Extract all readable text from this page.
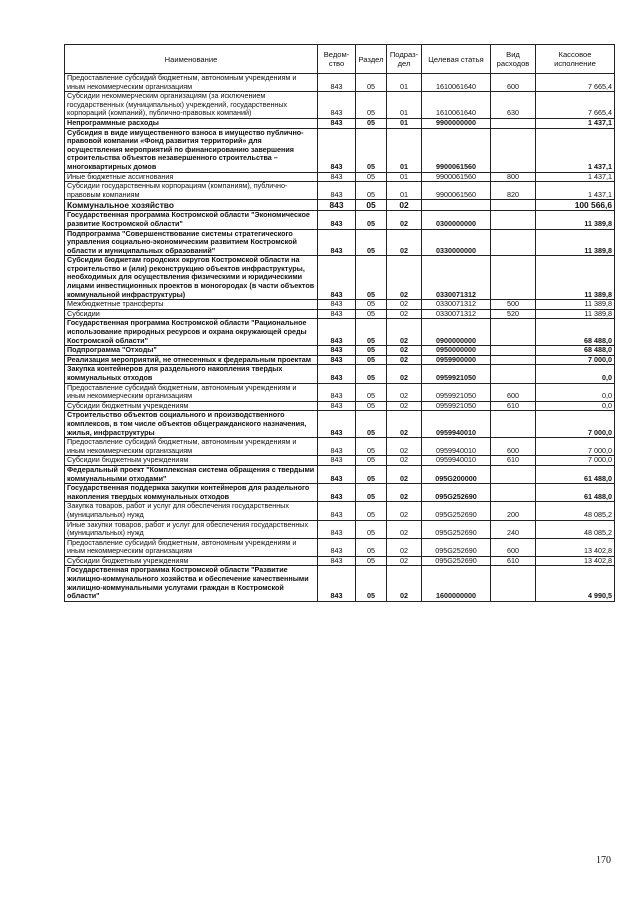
Наименование	Ведом-ство	Раздел	Подраз-дел	Целевая статья	Вид расходов	Кассовое исполнение
Предоставление субсидий бюджетным, автономным учреждениям и иным некоммерческим организациям	843	05	01	1610061640	600	7 665,4
Субсидии некоммерческим организациям (за исключением государственных (муниципальных) учреждений, государственных корпораций (компаний), публично-правовых компаний)	843	05	01	1610061640	630	7 665,4
Непрограммные расходы	843	05	01	9900000000		1 437,1
Субсидия в виде имущественного взноса в имущество публично-правовой компании «Фонд развития территорий» для осуществления мероприятий по финансированию завершения строительства объектов незавершенного строительства – многоквартирных домов	843	05	01	9900061560		1 437,1
Иные бюджетные ассигнования	843	05	01	9900061560	800	1 437,1
Субсидии государственным корпорациям (компаниям), публично-правовым компаниям	843	05	01	9900061560	820	1 437,1
Коммунальное хозяйство	843	05	02			100 566,6
Государственная программа Костромской области "Экономическое развитие Костромской области"	843	05	02	0300000000		11 389,8
Подпрограмма "Совершенствование системы стратегического управления социально-экономическим развитием Костромской области и муниципальных образований"	843	05	02	0330000000		11 389,8
Субсидии бюджетам городских округов Костромской области на строительство и (или) реконструкцию объектов инфраструктуры, необходимых для осуществления физическими и юридическими лицами инвестиционных проектов в моногородах (в части объектов коммунальной инфраструктуры)	843	05	02	0330071312		11 389,8
Межбюджетные трансферты	843	05	02	0330071312	500	11 389,8
Субсидии	843	05	02	0330071312	520	11 389,8
Государственная программа Костромской области "Рациональное использование природных ресурсов и охрана окружающей среды Костромской области"	843	05	02	0900000000		68 488,0
Подпрограмма "Отходы"	843	05	02	0950000000		68 488,0
Реализация мероприятий, не отнесенных к федеральным проектам	843	05	02	0959900000		7 000,0
Закупка контейнеров для раздельного накопления твердых коммунальных отходов	843	05	02	0959921050		0,0
Предоставление субсидий бюджетным, автономным учреждениям и иным некоммерческим организациям	843	05	02	0959921050	600	0,0
Субсидии бюджетным учреждениям	843	05	02	0959921050	610	0,0
Строительство объектов социального и производственного комплексов, в том числе объектов общегражданского назначения, жилья, инфраструктуры	843	05	02	0959940010		7 000,0
Предоставление субсидий бюджетным, автономным учреждениям и иным некоммерческим организациям	843	05	02	0959940010	600	7 000,0
Субсидии бюджетным учреждениям	843	05	02	0959940010	610	7 000,0
Федеральный проект "Комплексная система обращения с твердыми коммунальными отходами"	843	05	02	095G200000		61 488,0
Государственная поддержка закупки контейнеров для раздельного накопления твердых коммунальных отходов	843	05	02	095G252690		61 488,0
Закупка товаров, работ и услуг для обеспечения государственных (муниципальных) нужд	843	05	02	095G252690	200	48 085,2
Иные закупки товаров, работ и услуг для обеспечения государственных (муниципальных) нужд	843	05	02	095G252690	240	48 085,2
Предоставление субсидий бюджетным, автономным учреждениям и иным некоммерческим организациям	843	05	02	095G252690	600	13 402,8
Субсидии бюджетным учреждениям	843	05	02	095G252690	610	13 402,8
Государственная программа Костромской области "Развитие жилищно-коммунального хозяйства и обеспечение качественными жилищно-коммунальными услугами граждан в Костромской области"	843	05	02	1600000000		4 990,5
170
